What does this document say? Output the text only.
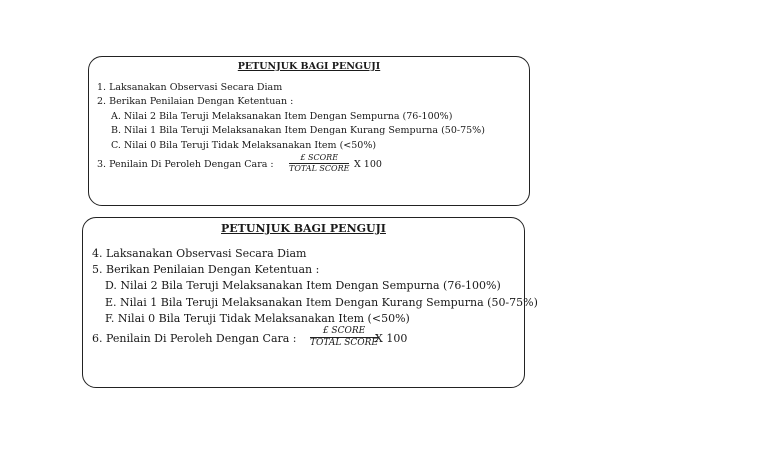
PETUNJUK BAGI PENGUJI
1. Laksanakan Observasi Secara Diam
2. Berikan Penilaian Dengan Ketentuan :
A. Nilai 2 Bila Teruji Melaksanakan Item Dengan Sempurna (76-100%)
B. Nilai 1 Bila Teruji Melaksanakan Item Dengan Kurang Sempurna (50-75%)
C. Nilai 0 Bila Teruji Tidak Melaksanakan Item (<50%)
3. Penilain Di Peroleh Dengan Cara :
£ SCORE
TOTAL SCORE X 100
PETUNJUK BAGI PENGUJI
4. Laksanakan Observasi Secara Diam
5. Berikan Penilaian Dengan Ketentuan :
D. Nilai 2 Bila Teruji Melaksanakan Item Dengan Sempurna (76-100%)
E. Nilai 1 Bila Teruji Melaksanakan Item Dengan Kurang Sempurna (50-75%)
F. Nilai 0 Bila Teruji Tidak Melaksanakan Item (<50%)
6. Penilain Di Peroleh Dengan Cara :
£ SCORE
TOTAL SCORE
X 100
